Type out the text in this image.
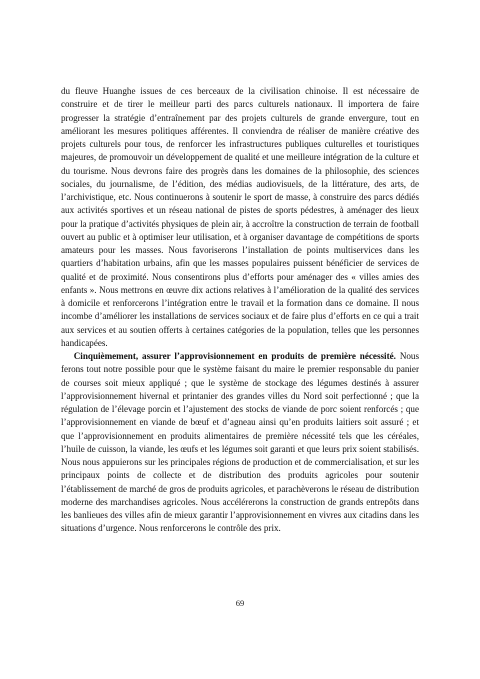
du fleuve Huanghe issues de ces berceaux de la civilisation chinoise. Il est nécessaire de construire et de tirer le meilleur parti des parcs culturels nationaux. Il importera de faire progresser la stratégie d’entraînement par des projets culturels de grande envergure, tout en améliorant les mesures politiques afférentes. Il conviendra de réaliser de manière créative des projets culturels pour tous, de renforcer les infrastructures publiques culturelles et touristiques majeures, de promouvoir un développement de qualité et une meilleure intégration de la culture et du tourisme. Nous devrons faire des progrès dans les domaines de la philosophie, des sciences sociales, du journalisme, de l’édition, des médias audiovisuels, de la littérature, des arts, de l’archivistique, etc. Nous continuerons à soutenir le sport de masse, à construire des parcs dédiés aux activités sportives et un réseau national de pistes de sports pédestres, à aménager des lieux pour la pratique d’activités physiques de plein air, à accroître la construction de terrain de football ouvert au public et à optimiser leur utilisation, et à organiser davantage de compétitions de sports amateurs pour les masses. Nous favoriserons l’installation de points multiservices dans les quartiers d’habitation urbains, afin que les masses populaires puissent bénéficier de services de qualité et de proximité. Nous consentirons plus d’efforts pour aménager des « villes amies des enfants ». Nous mettrons en œuvre dix actions relatives à l’amélioration de la qualité des services à domicile et renforcerons l’intégration entre le travail et la formation dans ce domaine. Il nous incombe d’améliorer les installations de services sociaux et de faire plus d’efforts en ce qui a trait aux services et au soutien offerts à certaines catégories de la population, telles que les personnes handicapées.

Cinquièmement, assurer l’approvisionnement en produits de première nécessité. Nous ferons tout notre possible pour que le système faisant du maire le premier responsable du panier de courses soit mieux appliqué ; que le système de stockage des légumes destinés à assurer l’approvisionnement hivernal et printanier des grandes villes du Nord soit perfectionné ; que la régulation de l’élevage porcin et l’ajustement des stocks de viande de porc soient renforcés ; que l’approvisionnement en viande de bœuf et d’agneau ainsi qu’en produits laitiers soit assuré ; et que l’approvisionnement en produits alimentaires de première nécessité tels que les céréales, l’huile de cuisson, la viande, les œufs et les légumes soit garanti et que leurs prix soient stabilisés. Nous nous appuierons sur les principales régions de production et de commercialisation, et sur les principaux points de collecte et de distribution des produits agricoles pour soutenir l’établissement de marché de gros de produits agricoles, et parachèverons le réseau de distribution moderne des marchandises agricoles. Nous accélérerons la construction de grands entrepôts dans les banlieues des villes afin de mieux garantir l’approvisionnement en vivres aux citadins dans les situations d’urgence. Nous renforcerons le contrôle des prix.

69
